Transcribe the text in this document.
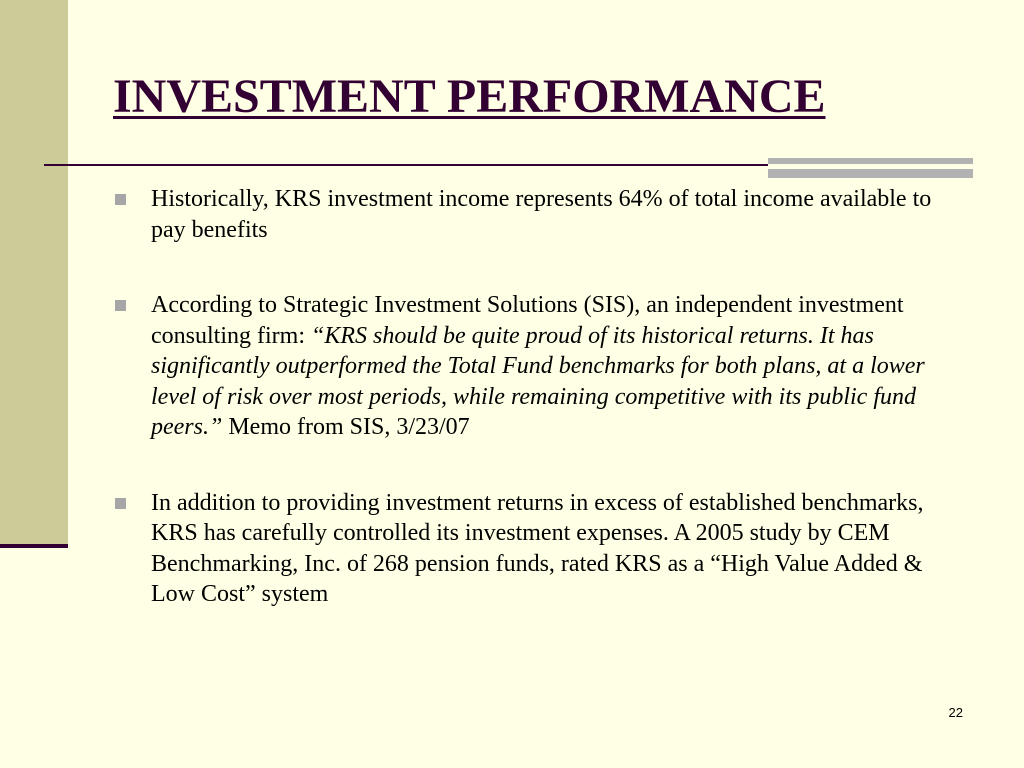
INVESTMENT PERFORMANCE
Historically, KRS investment income represents 64% of total income available to pay benefits
According to Strategic Investment Solutions (SIS), an independent investment consulting firm: “KRS should be quite proud of its historical returns. It has significantly outperformed the Total Fund benchmarks for both plans, at a lower level of risk over most periods, while remaining competitive with its public fund peers.” Memo from SIS, 3/23/07
In addition to providing investment returns in excess of established benchmarks, KRS has carefully controlled its investment expenses. A 2005 study by CEM Benchmarking, Inc. of 268 pension funds, rated KRS as a “High Value Added & Low Cost” system
22
